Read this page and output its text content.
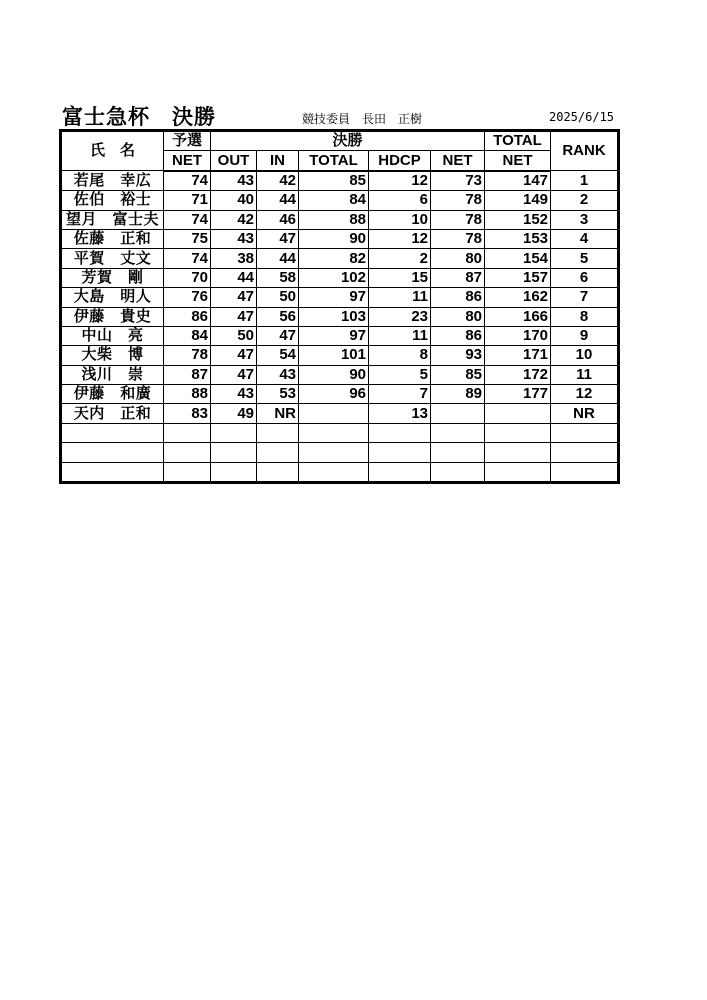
富士急杯　決勝	競技委員　長田　正樹	2025/6/15
氏　名	予選	決勝					TOTAL	RANK
	NET	OUT	IN	TOTAL	HDCP	NET	NET	
若尾　幸広	74	43	42	85	12	73	147	1
佐伯　裕士	71	40	44	84	6	78	149	2
望月　富士夫	74	42	46	88	10	78	152	3
佐藤　正和	75	43	47	90	12	78	153	4
平賀　丈文	74	38	44	82	2	80	154	5
芳賀　剛	70	44	58	102	15	87	157	6
大島　明人	76	47	50	97	11	86	162	7
伊藤　貴史	86	47	56	103	23	80	166	8
中山　亮	84	50	47	97	11	86	170	9
大柴　博	78	47	54	101	8	93	171	10
浅川　崇	87	47	43	90	5	85	172	11
伊藤　和廣	88	43	53	96	7	89	177	12
天内　正和	83	49	NR		13			NR
